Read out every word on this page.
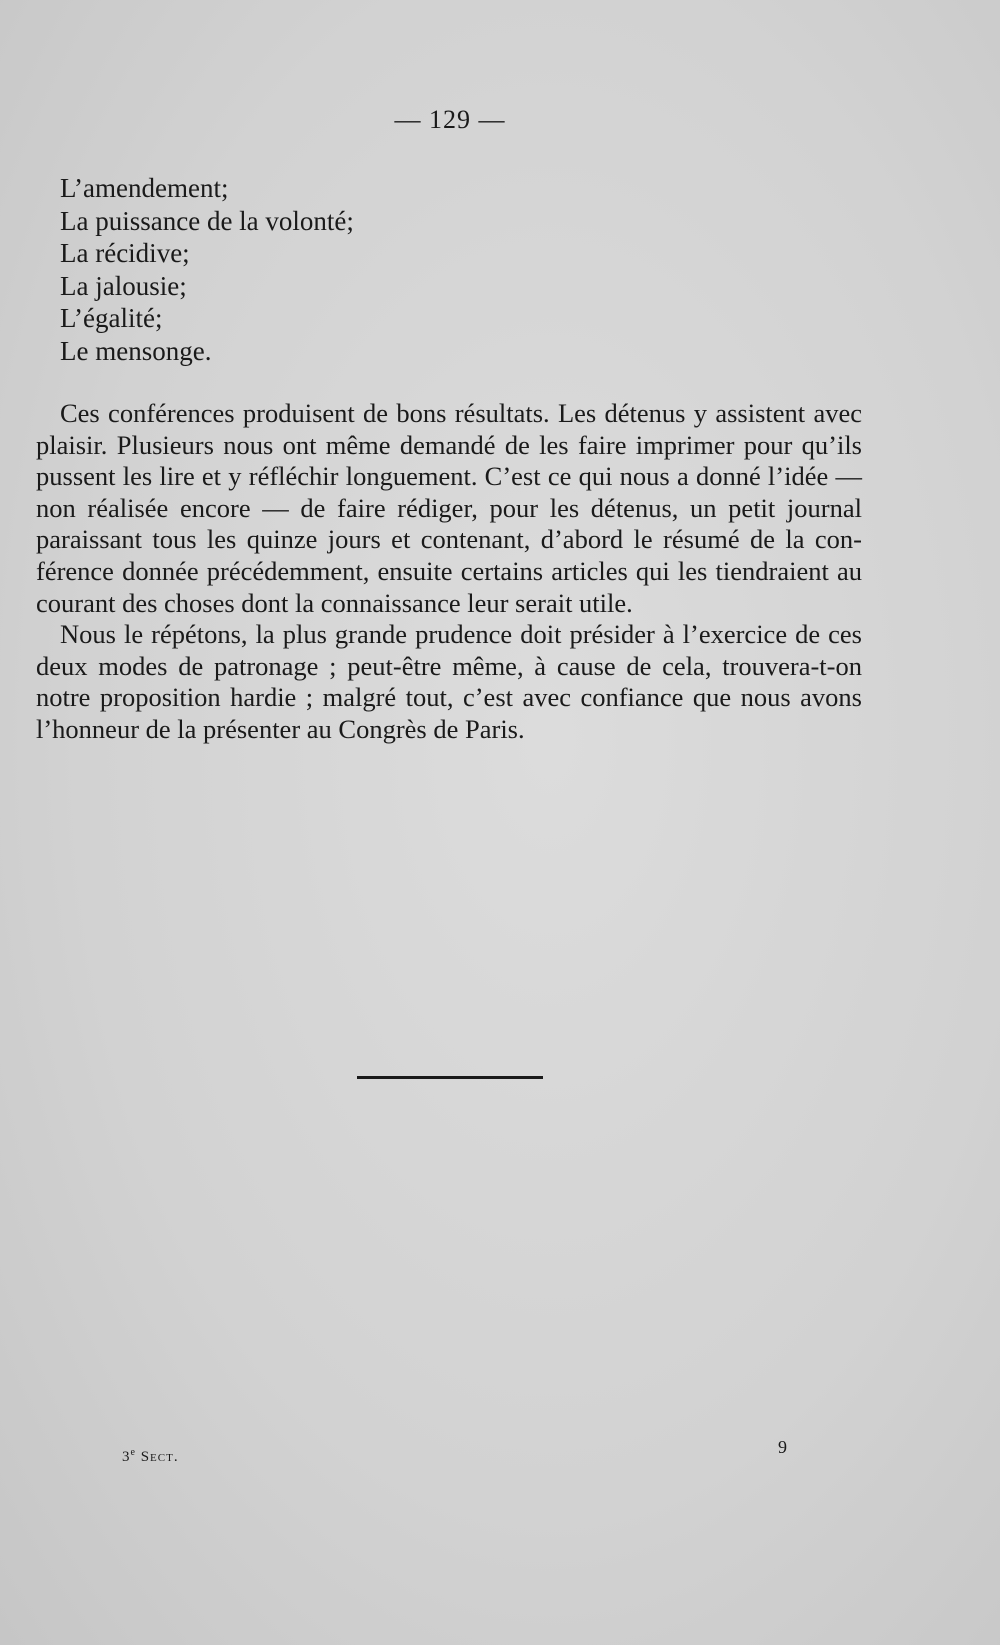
— 129 —
L’amendement;
La puissance de la volonté;
La récidive;
La jalousie;
L’égalité;
Le mensonge.

Ces conférences produisent de bons résultats. Les détenus y assistent avec plaisir. Plusieurs nous ont même demandé de les faire imprimer pour qu’ils pussent les lire et y réfléchir longuement. C’est ce qui nous a donné l’idée — non réalisée encore — de faire rédiger, pour les détenus, un petit journal paraissant tous les quinze jours et contenant, d’abord le résumé de la conférence donnée précédemment, ensuite certains articles qui les tiendraient au courant des choses dont la connaissance leur serait utile.

Nous le répétons, la plus grande prudence doit présider à l’exercice de ces deux modes de patronage ; peut-être même, à cause de cela, trouvera-t-on notre proposition hardie ; malgré tout, c’est avec confiance que nous avons l’honneur de la présenter au Congrès de Paris.

3e Sect.	9
